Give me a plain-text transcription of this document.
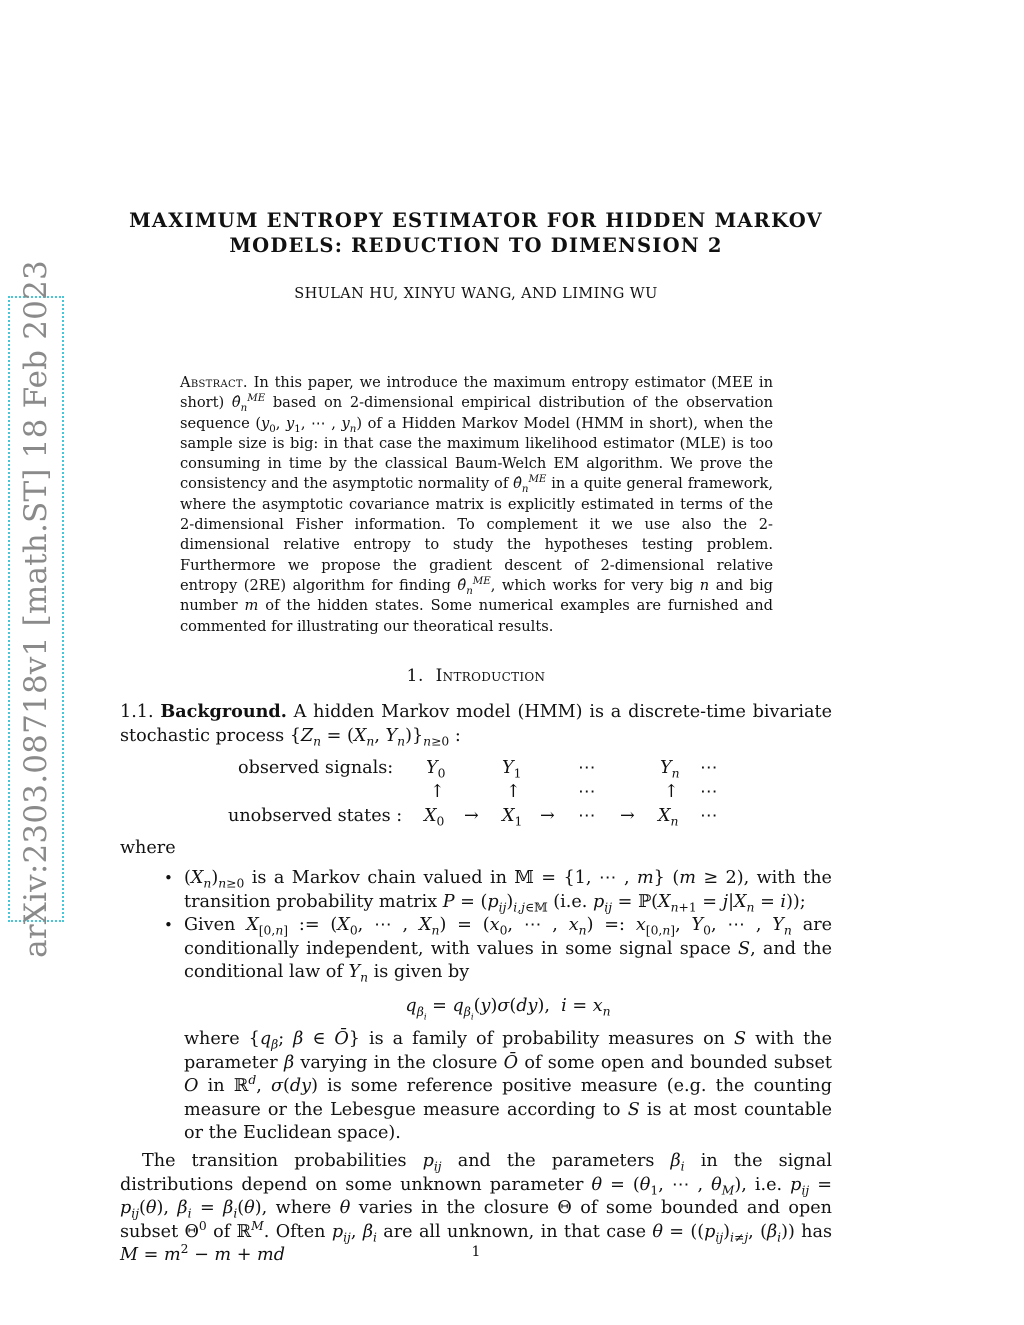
arXiv:2303.08718v1 [math.ST] 18 Feb 2023
MAXIMUM ENTROPY ESTIMATOR FOR HIDDEN MARKOV
MODELS: REDUCTION TO DIMENSION 2
SHULAN HU, XINYU WANG, AND LIMING WU
Abstract. In this paper, we introduce the maximum entropy estimator (MEE in short) $\thetâ_n^{ME}$ based on 2-dimensional empirical distribution of the observation sequence ($y_0$, $y_1$, ⋯ , $y_n$) of a Hidden Markov Model (HMM in short), when the sample size is big: in that case the maximum likelihood estimator (MLE) is too consuming in time by the classical Baum-Welch EM algorithm. We prove the consistency and the asymptotic normality of $\thetâ_n^{ME}$ in a quite general framework, where the asymptotic covariance matrix is explicitly estimated in terms of the 2-dimensional Fisher information. To complement it we use also the 2-dimensional relative entropy to study the hypotheses testing problem. Furthermore we propose the gradient descent of 2-dimensional relative entropy (2RE) algorithm for finding $\thetâ_n^{ME}$, which works for very big n and big number m of the hidden states. Some numerical examples are furnished and commented for illustrating our theoratical results.
1. Introduction
1.1. Background. A hidden Markov model (HMM) is a discrete-time bivariate stochastic process {$Z_n = (X_n$, $Y_n)\}_{n\ge 0}$ :
observed signals: $Y_0$	$Y_1$	⋯	$Y_n$ ⋯
↑	↑	⋯	↑ ⋯
unobserved states : $X_0 \to X_1$ → ⋯ → $X_n$ ⋯
where
• $(X_n)_{n\ge 0}$ is a Markov chain valued in 𝕄 = {1, ⋯ , m} (m ≥ 2), with the transition probability matrix $P = (p_{ij})_{i,j\in 𝕄}$ (i.e. $p_{ij}$ = $ℙ(X_{n+1} = j|X_n = i)$);
• Given $X_{[0,n]}$ := ($X_0$, ⋯ , $X_n) = (x_0$, ⋯ , $x_n$) =: $x_{[0,n]}$, $Y_0$, ⋯ , $Y_n$ are conditionally independent, with values in some signal space S, and the conditional law of $Y_n$ is given by
$q_{\beta_i} = q_{\beta_i}(y)\sigma(dy)$,  $i = x_n$
where {$q_\beta$; β ∈ Ō} is a family of probability measures on S with the parameter β varying in the closure Ō of some open and bounded subset O in ℝ$^d$, σ(dy) is some reference positive measure (e.g. the counting measure or the Lebesgue measure according to S is at most countable or the Euclidean space).
The transition probabilities $p_{ij}$ and the parameters $\beta_i$ in the signal distributions depend on some unknown parameter $\theta = (\theta_1$, ⋯ , $\theta_M$), i.e. $p_{ij} = p_{ij}(\theta)$, $\beta_i = \beta_i(\theta)$, where θ varies in the closure Θ of some bounded and open subset $\Theta^0$ of ℝ$^M$. Often $p_{ij}$, $\beta_i$ are all unknown, in that case $\theta = ((p_{ij})_{i\ne j}$, $(\beta_i)$) has $M = m^2 - m$ + md	1
